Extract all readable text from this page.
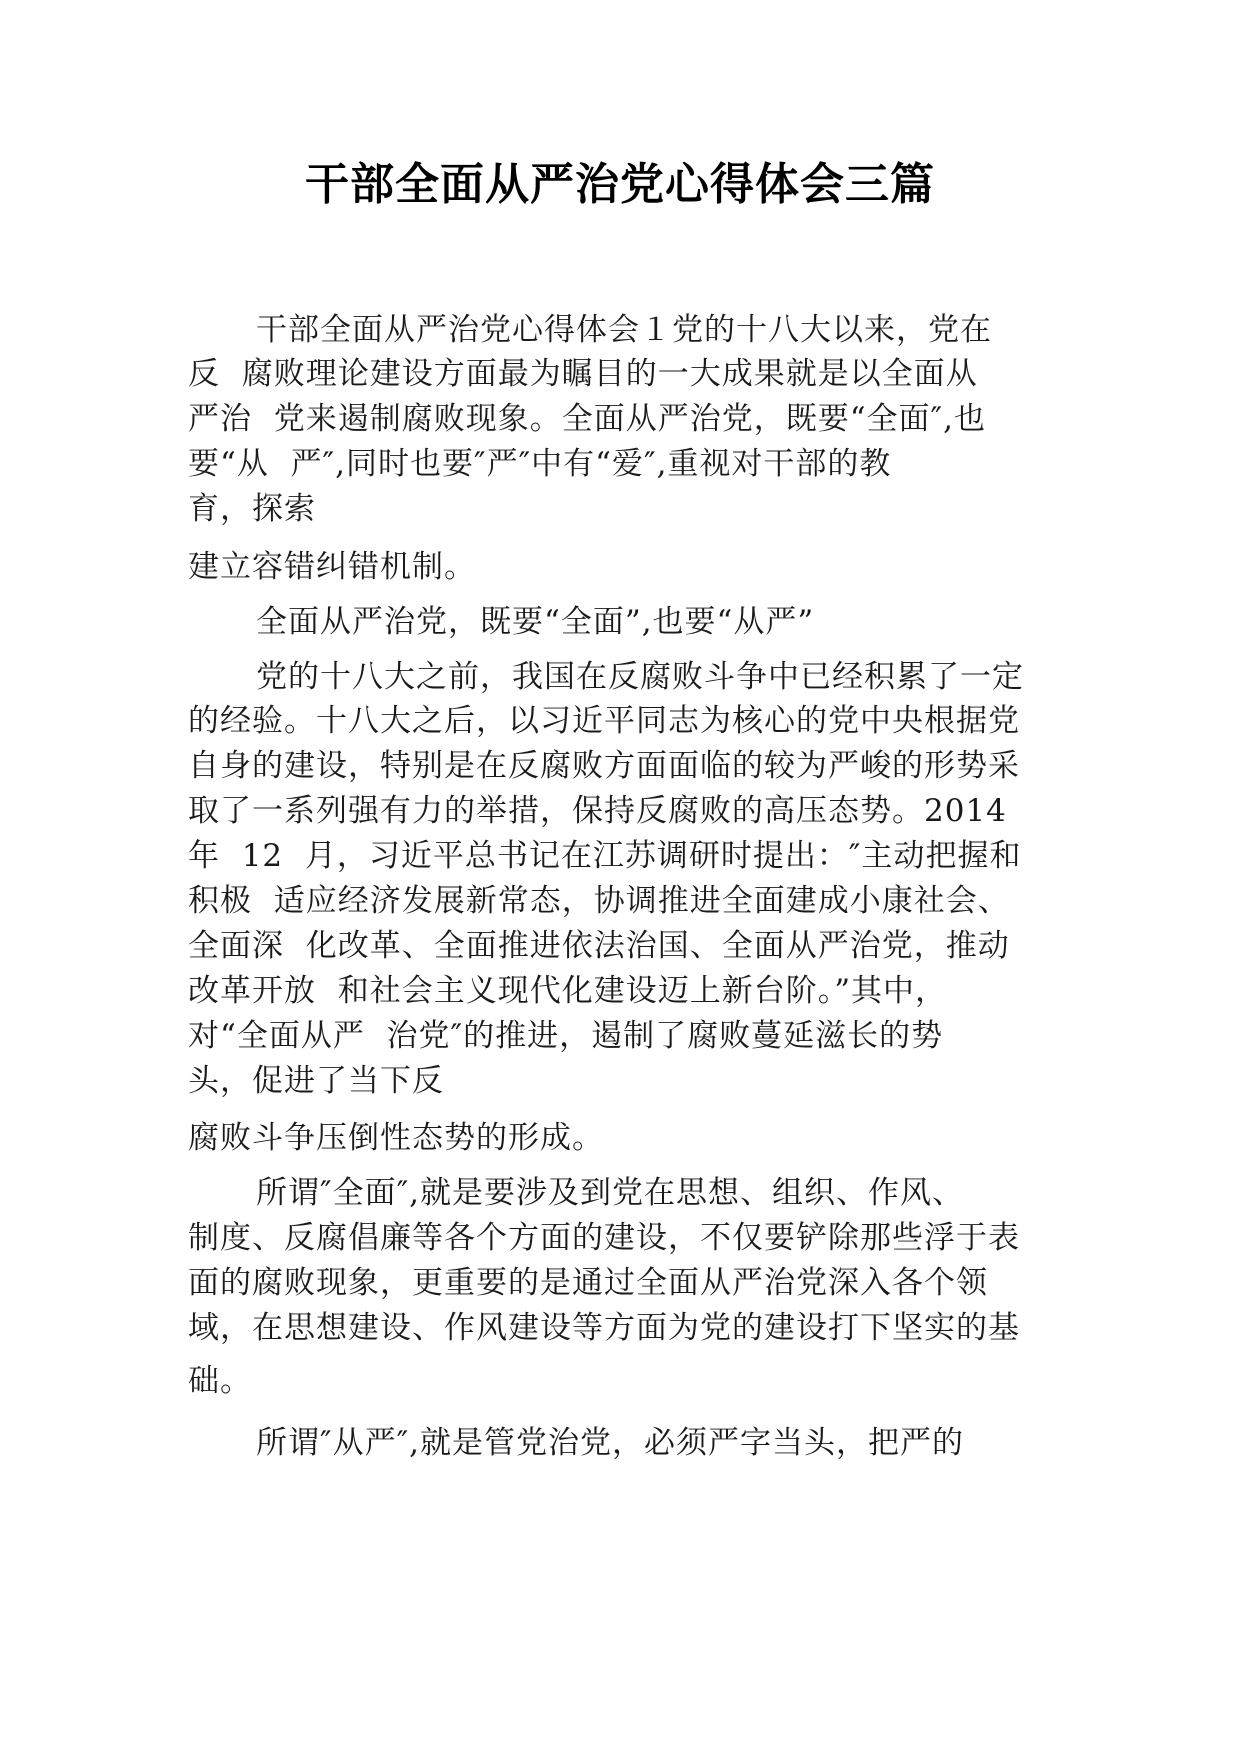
干部全面从严治党心得体会三篇

干部全面从严治党心得体会１党的十八大以来，党在

反  腐败理论建设方面最为瞩目的一大成果就是以全面从

严治  党来遏制腐败现象。全面从严治党，既要“全面″,也

要“从  严″,同时也要″严″中有“爱″,重视对干部的教

育，探索

建立容错纠错机制。

全面从严治党，既要“全面”,也要“从严”

党的十八大之前，我国在反腐败斗争中已经积累了一定

的经验。十八大之后，以习近平同志为核心的党中央根据党

自身的建设，特别是在反腐败方面面临的较为严峻的形势采

取了一系列强有力的举措，保持反腐败的高压态势。2014

年  12  月，习近平总书记在江苏调研时提出：″主动把握和

积极  适应经济发展新常态，协调推进全面建成小康社会、

全面深  化改革、全面推进依法治国、全面从严治党，推动

改革开放  和社会主义现代化建设迈上新台阶。”其中，

对“全面从严  治党″的推进，遏制了腐败蔓延滋长的势

头，促进了当下反

腐败斗争压倒性态势的形成。

所谓″全面″,就是要涉及到党在思想、组织、作风、

制度、反腐倡廉等各个方面的建设，不仅要铲除那些浮于表

面的腐败现象，更重要的是通过全面从严治党深入各个领

域，在思想建设、作风建设等方面为党的建设打下坚实的基

础。

所谓″从严″,就是管党治党，必须严字当头，把严的
